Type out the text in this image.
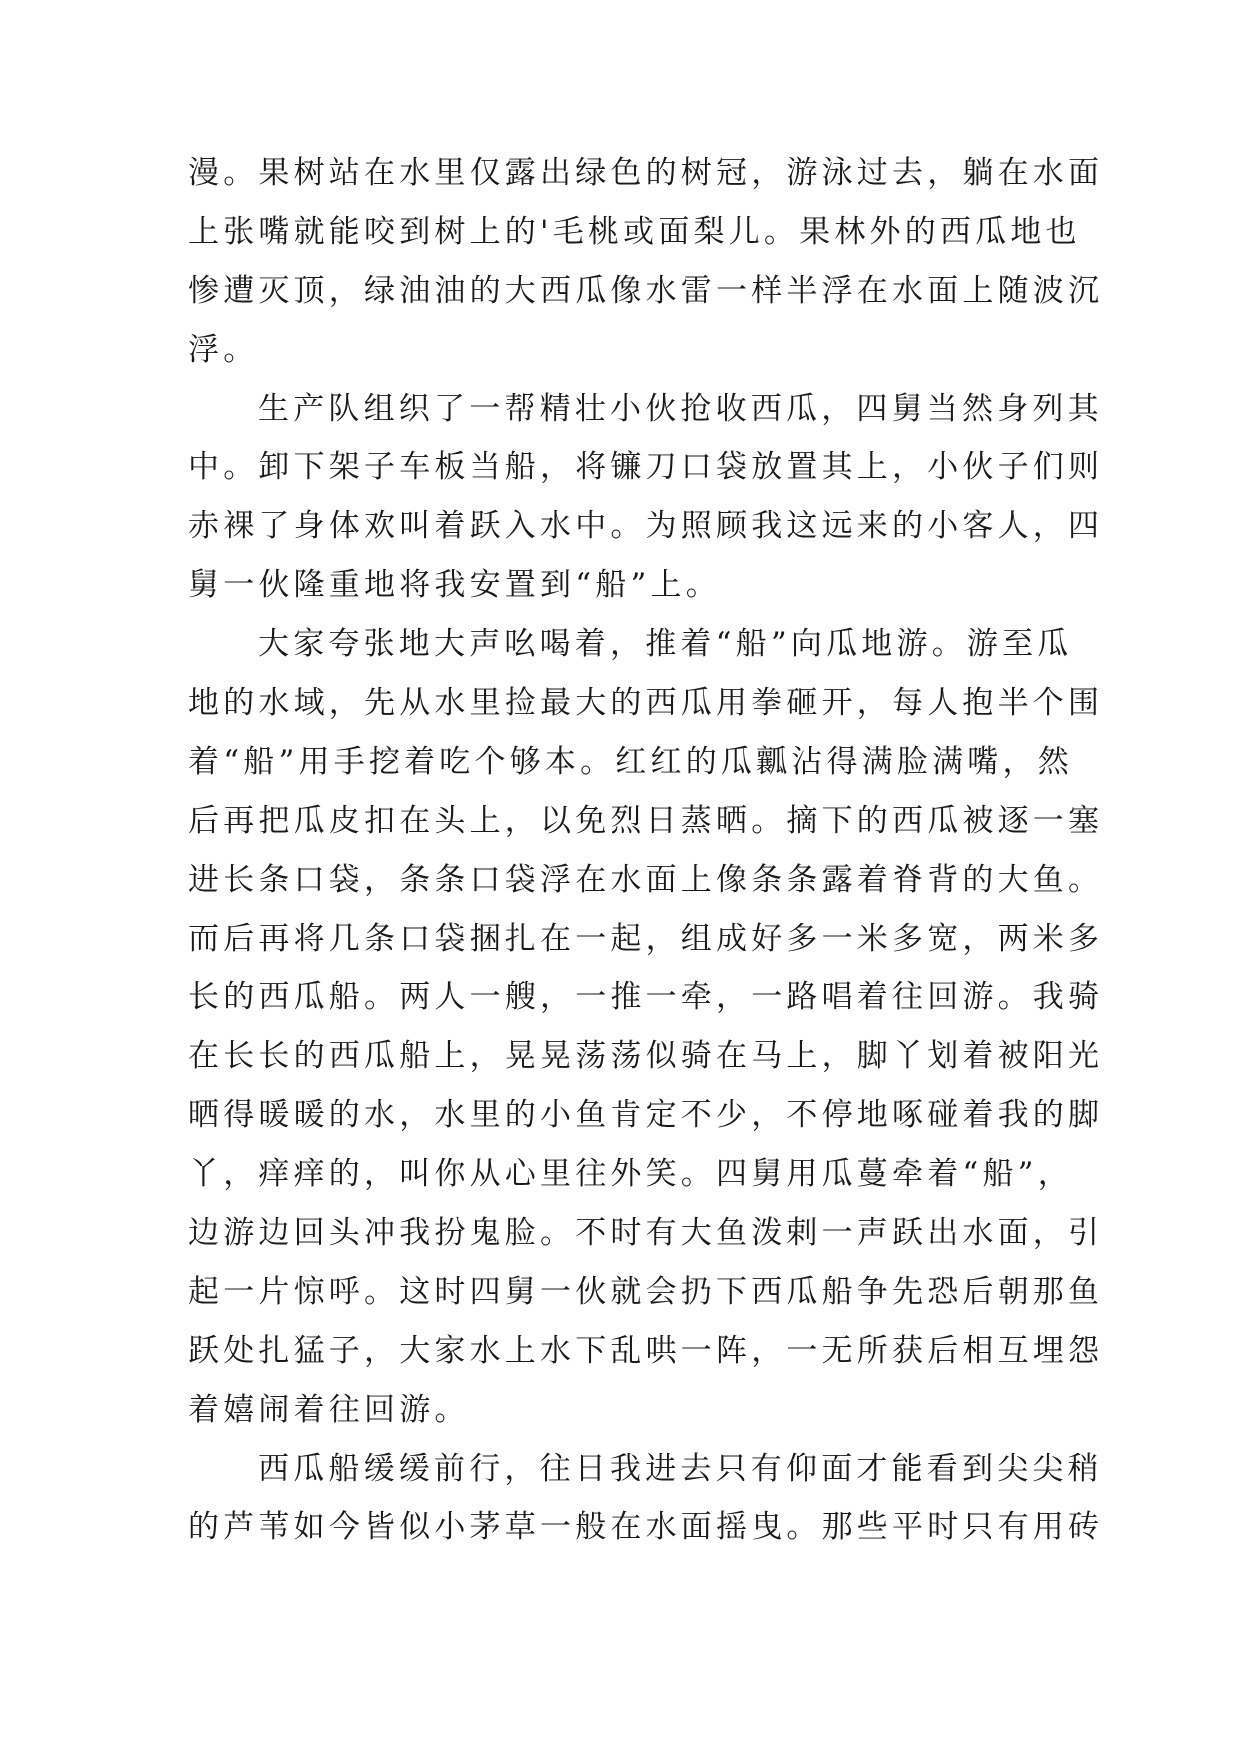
漫。果树站在水里仅露出绿色的树冠，游泳过去，躺在水面
上张嘴就能咬到树上的'毛桃或面梨儿。果林外的西瓜地也
惨遭灭顶，绿油油的大西瓜像水雷一样半浮在水面上随波沉
浮。
生产队组织了一帮精壮小伙抢收西瓜，四舅当然身列其
中。卸下架子车板当船，将镰刀口袋放置其上，小伙子们则
赤裸了身体欢叫着跃入水中。为照顾我这远来的小客人，四
舅一伙隆重地将我安置到“船”上。
大家夸张地大声吆喝着，推着“船”向瓜地游。游至瓜
地的水域，先从水里捡最大的西瓜用拳砸开，每人抱半个围
着“船”用手挖着吃个够本。红红的瓜瓤沾得满脸满嘴，然
后再把瓜皮扣在头上，以免烈日蒸晒。摘下的西瓜被逐一塞
进长条口袋，条条口袋浮在水面上像条条露着脊背的大鱼。
而后再将几条口袋捆扎在一起，组成好多一米多宽，两米多
长的西瓜船。两人一艘，一推一牵，一路唱着往回游。我骑
在长长的西瓜船上，晃晃荡荡似骑在马上，脚丫划着被阳光
晒得暖暖的水，水里的小鱼肯定不少，不停地啄碰着我的脚
丫，痒痒的，叫你从心里往外笑。四舅用瓜蔓牵着“船”，
边游边回头冲我扮鬼脸。不时有大鱼泼剌一声跃出水面，引
起一片惊呼。这时四舅一伙就会扔下西瓜船争先恐后朝那鱼
跃处扎猛子，大家水上水下乱哄一阵，一无所获后相互埋怨
着嬉闹着往回游。
西瓜船缓缓前行，往日我进去只有仰面才能看到尖尖稍
的芦苇如今皆似小茅草一般在水面摇曳。那些平时只有用砖
